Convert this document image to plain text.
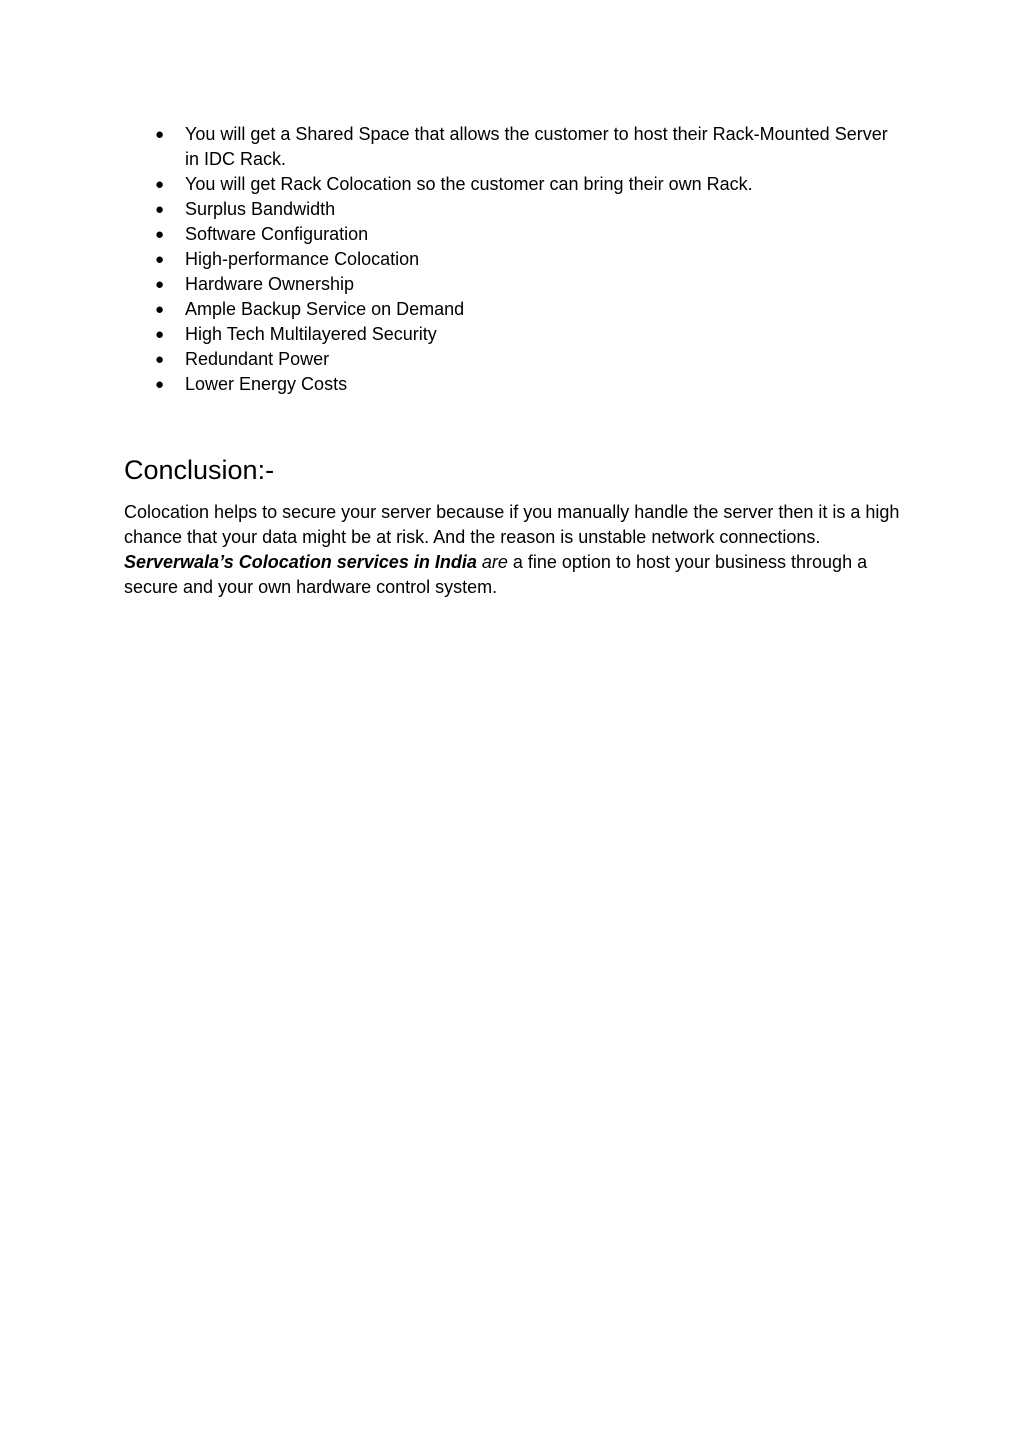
● You will get a Shared Space that allows the customer to host their Rack-Mounted Server in IDC Rack.
● You will get Rack Colocation so the customer can bring their own Rack.
● Surplus Bandwidth
● Software Configuration
● High-performance Colocation
● Hardware Ownership
● Ample Backup Service on Demand
● High Tech Multilayered Security
● Redundant Power
● Lower Energy Costs
Conclusion:-

Colocation helps to secure your server because if you manually handle the server then it is a high chance that your data might be at risk. And the reason is unstable network connections. Serverwala’s Colocation services in India are a fine option to host your business through a secure and your own hardware control system.
